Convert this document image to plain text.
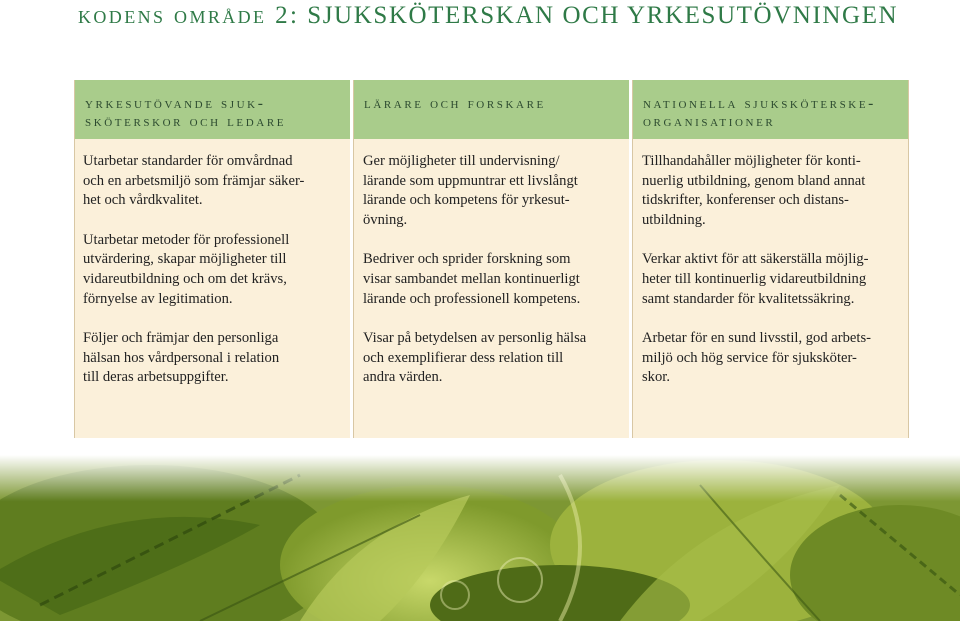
kodens område 2: SJUKSKÖTERSKAN OCH YRKESUTÖVNINGEN
yrkesutövande sjuk-
sköterskor och ledare

Utarbetar standarder för omvårdnad
och en arbetsmiljö som främjar säker-
het och vårdkvalitet.

Utarbetar metoder för professionell
utvärdering, skapar möjligheter till
vidareutbildning och om det krävs,
förnyelse av legitimation.

Följer och främjar den personliga
hälsan hos vårdpersonal i relation
till deras arbetsuppgifter.

lärare och forskare

Ger möjligheter till undervisning/
lärande som uppmuntrar ett livslångt
lärande och kompetens för yrkesut-
övning.

Bedriver och sprider forskning som
visar sambandet mellan kontinuerligt
lärande och professionell kompetens.

Visar på betydelsen av personlig hälsa
och exemplifierar dess relation till
andra värden.

nationella sjuksköterske-
organisationer

Tillhandahåller möjligheter för konti-
nuerlig utbildning, genom bland annat
tidskrifter, konferenser och distans-
utbildning.

Verkar aktivt för att säkerställa möjlig-
heter till kontinuerlig vidareutbildning
samt standarder för kvalitetssäkring.

Arbetar för en sund livsstil, god arbets-
miljö och hög service för sjuksköter-
skor.
